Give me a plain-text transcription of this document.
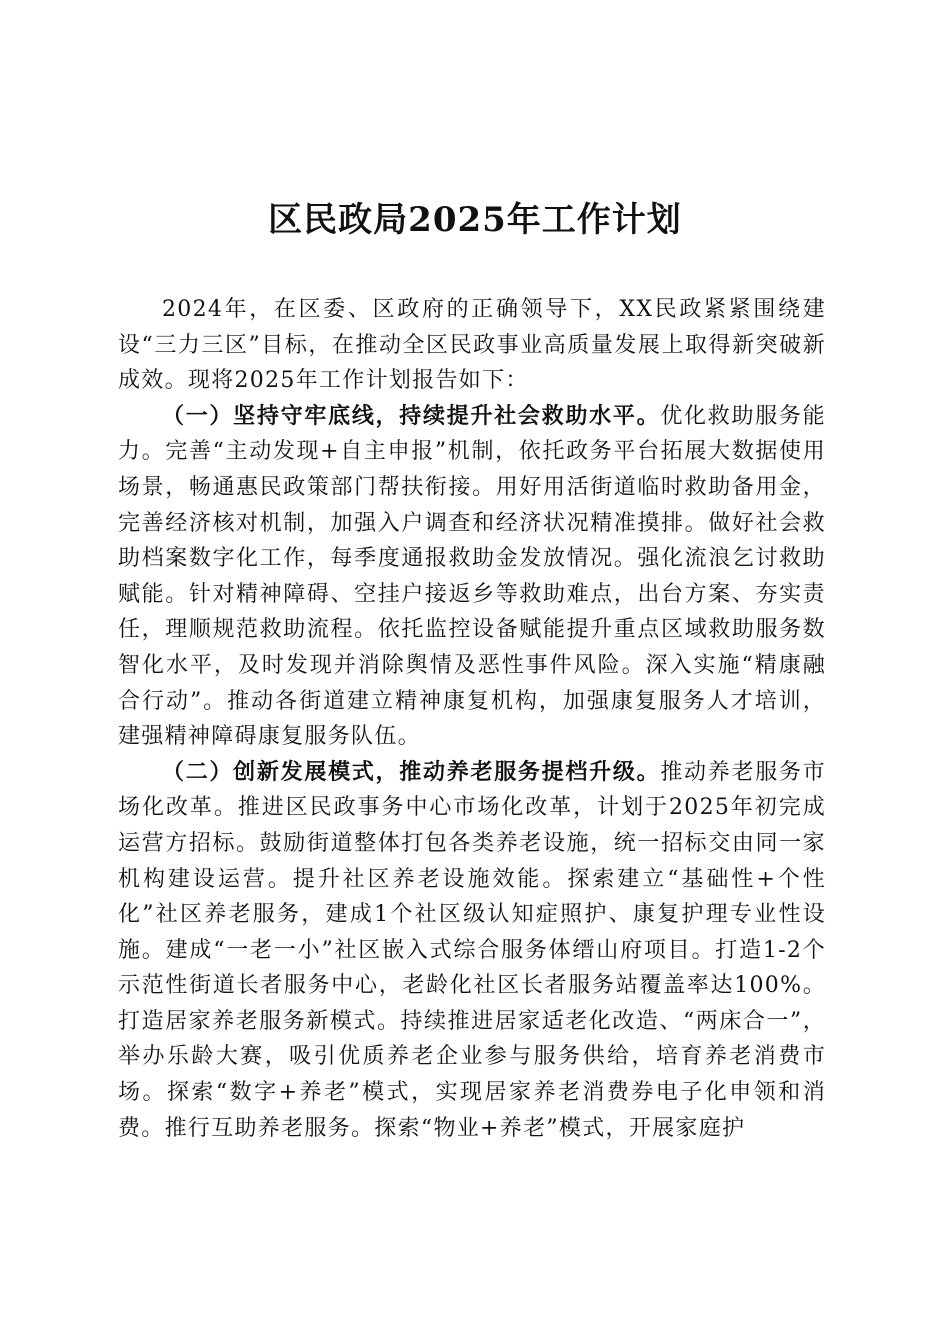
区民政局2025年工作计划

2024年，在区委、区政府的正确领导下，XX民政紧紧围绕建设“三力三区”目标，在推动全区民政事业高质量发展上取得新突破新成效。现将2025年工作计划报告如下：

（一）坚持守牢底线，持续提升社会救助水平。优化救助服务能力。完善“主动发现+自主申报”机制，依托政务平台拓展大数据使用场景，畅通惠民政策部门帮扶衔接。用好用活街道临时救助备用金，完善经济核对机制，加强入户调查和经济状况精准摸排。做好社会救助档案数字化工作，每季度通报救助金发放情况。强化流浪乞讨救助赋能。针对精神障碍、空挂户接返乡等救助难点，出台方案、夯实责任，理顺规范救助流程。依托监控设备赋能提升重点区域救助服务数智化水平，及时发现并消除舆情及恶性事件风险。深入实施“精康融合行动”。推动各街道建立精神康复机构，加强康复服务人才培训，建强精神障碍康复服务队伍。

（二）创新发展模式，推动养老服务提档升级。推动养老服务市场化改革。推进区民政事务中心市场化改革，计划于2025年初完成运营方招标。鼓励街道整体打包各类养老设施，统一招标交由同一家机构建设运营。提升社区养老设施效能。探索建立“基础性+个性化”社区养老服务，建成1个社区级认知症照护、康复护理专业性设施。建成“一老一小”社区嵌入式综合服务体缙山府项目。打造1-2个示范性街道长者服务中心，老龄化社区长者服务站覆盖率达100%。打造居家养老服务新模式。持续推进居家适老化改造、“两床合一”，举办乐龄大赛，吸引优质养老企业参与服务供给，培育养老消费市场。探索“数字+养老”模式，实现居家养老消费券电子化申领和消费。推行互助养老服务。探索“物业+养老”模式，开展家庭护
